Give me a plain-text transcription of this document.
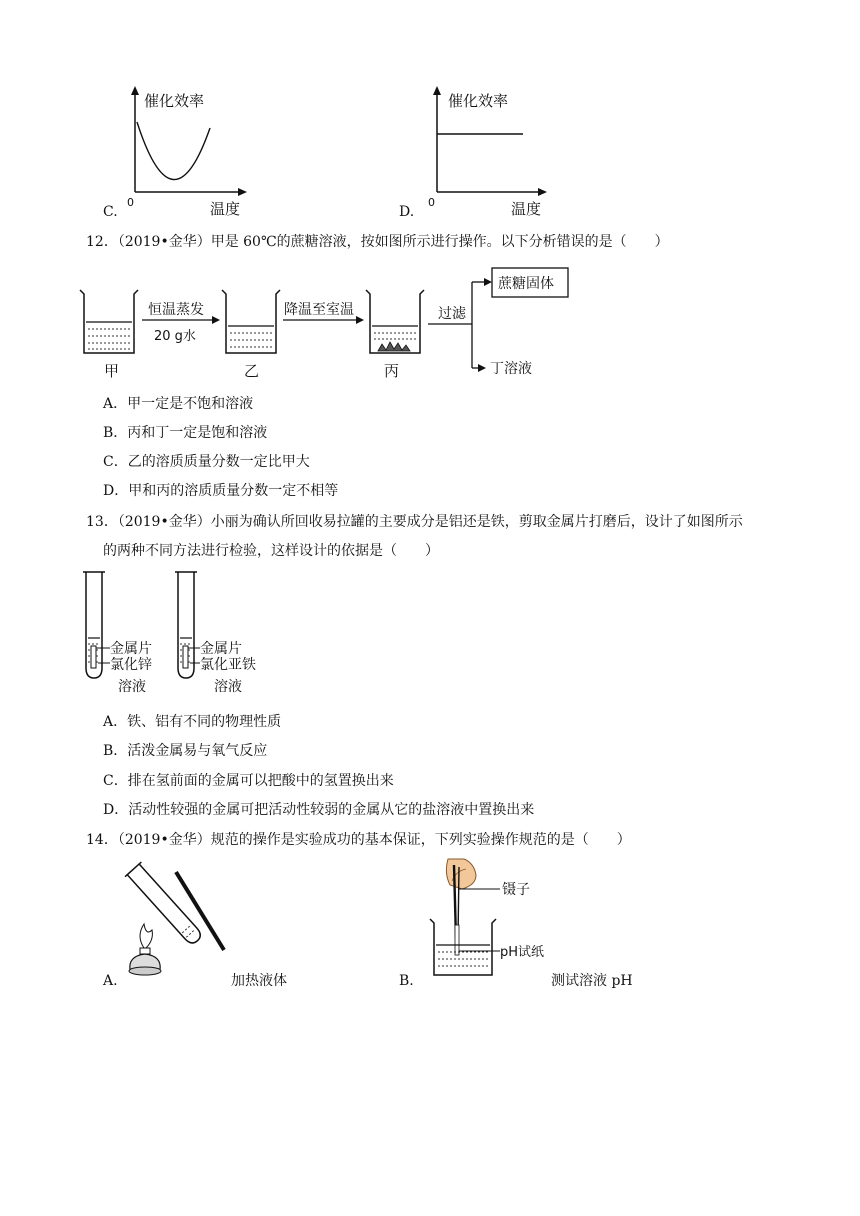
催化效率
0	温度
C.
催化效率
0	温度
D.
12．（2019•金华）甲是 60℃的蔗糖溶液，按如图所示进行操作。以下分析错误的是（　　）
恒温蒸发
20 g水
降温至室温	过滤
蔗糖固体
丁溶液
甲	乙	丙
A．甲一定是不饱和溶液
B．丙和丁一定是饱和溶液
C．乙的溶质质量分数一定比甲大
D．甲和丙的溶质质量分数一定不相等
13．（2019•金华）小丽为确认所回收易拉罐的主要成分是铝还是铁，剪取金属片打磨后，设计了如图所示
的两种不同方法进行检验，这样设计的依据是（　　）
金属片
氯化锌
溶液
金属片
氯化亚铁
溶液
A．铁、铝有不同的物理性质
B．活泼金属易与氧气反应
C．排在氢前面的金属可以把酸中的氢置换出来
D．活动性较强的金属可把活动性较弱的金属从它的盐溶液中置换出来
14．（2019•金华）规范的操作是实验成功的基本保证，下列实验操作规范的是（　　）
A.	加热液体
镊子
pH试纸
B.	测试溶液 pH
